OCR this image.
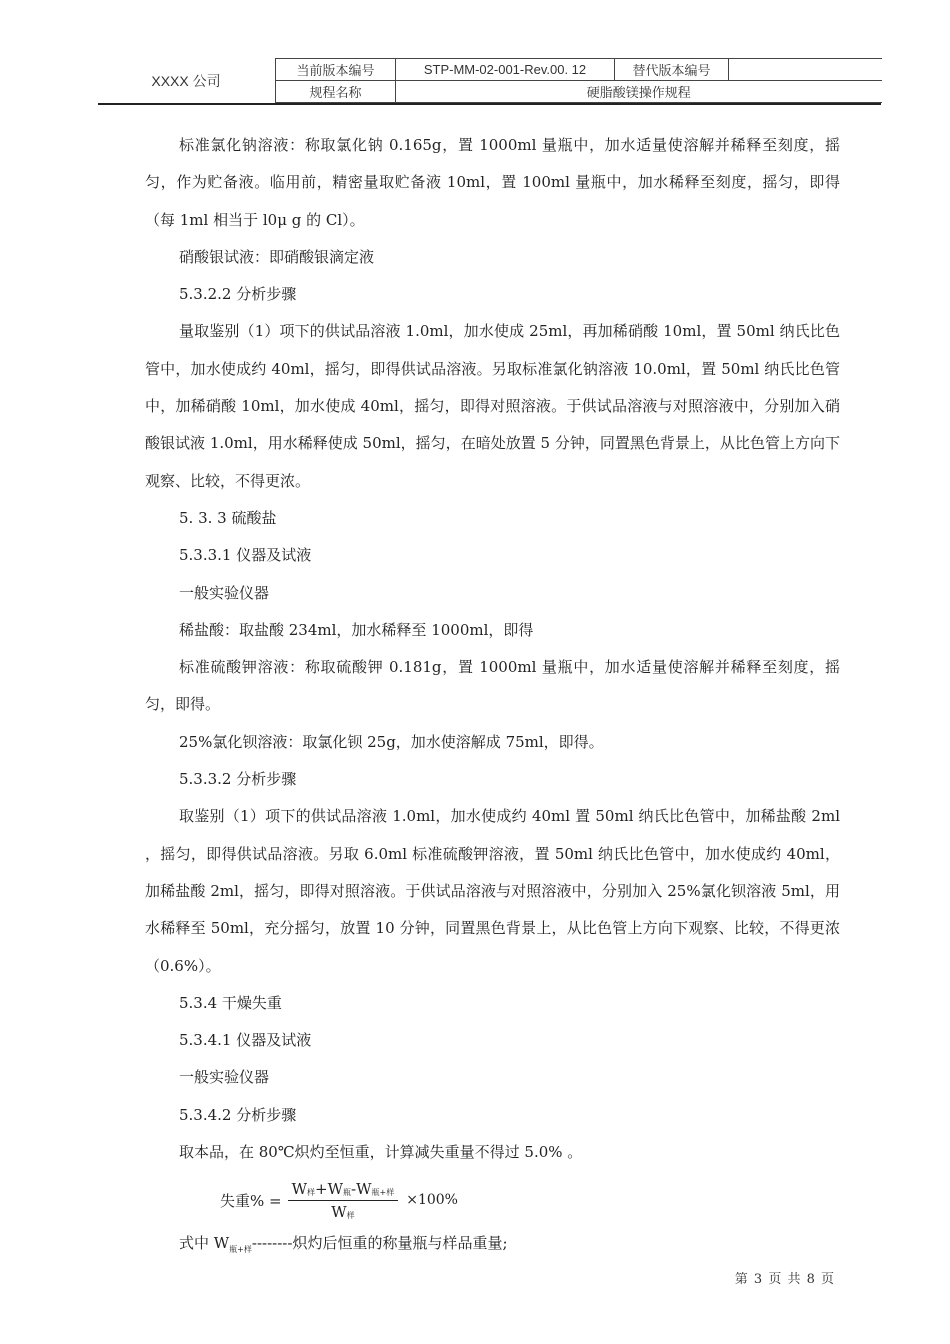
XXXX 公司
当前版本编号	STP-MM-02-001-Rev.00. 12	替代版本编号	
规程名称	硬脂酸镁操作规程		

标准氯化钠溶液：称取氯化钠 0.165g，置 1000ml 量瓶中，加水适量使溶解并稀释至刻度，摇匀，作为贮备液。临用前，精密量取贮备液 10ml，置 100ml 量瓶中，加水稀释至刻度，摇匀，即得（每 1ml 相当于 l0μ g 的 Cl）。

硝酸银试液：即硝酸银滴定液

5.3.2.2 分析步骤

量取鉴别（1）项下的供试品溶液 1.0ml，加水使成 25ml，再加稀硝酸 10ml，置 50ml 纳氏比色管中，加水使成约 40ml，摇匀，即得供试品溶液。另取标准氯化钠溶液 10.0ml，置 50ml 纳氏比色管中，加稀硝酸 10ml，加水使成 40ml，摇匀，即得对照溶液。于供试品溶液与对照溶液中，分别加入硝酸银试液 1.0ml，用水稀释使成 50ml，摇匀，在暗处放置 5 分钟，同置黑色背景上，从比色管上方向下观察、比较，不得更浓。

5. 3. 3 硫酸盐

5.3.3.1 仪器及试液

一般实验仪器

稀盐酸：取盐酸 234ml，加水稀释至 1000ml，即得

标准硫酸钾溶液：称取硫酸钾 0.181g，置 1000ml 量瓶中，加水适量使溶解并稀释至刻度，摇匀，即得。

25%氯化钡溶液：取氯化钡 25g，加水使溶解成 75ml，即得。

5.3.3.2 分析步骤

取鉴别（1）项下的供试品溶液 1.0ml，加水使成约 40ml 置 50ml 纳氏比色管中，加稀盐酸 2ml ，摇匀，即得供试品溶液。另取 6.0ml 标准硫酸钾溶液，置 50ml 纳氏比色管中，加水使成约 40ml，加稀盐酸 2ml，摇匀，即得对照溶液。于供试品溶液与对照溶液中，分别加入 25%氯化钡溶液 5ml，用水稀释至 50ml，充分摇匀，放置 10 分钟，同置黑色背景上，从比色管上方向下观察、比较，不得更浓（0.6%）。

5.3.4 干燥失重

5.3.4.1 仪器及试液

一般实验仪器

5.3.4.2 分析步骤

取本品，在 80℃炽灼至恒重，计算减失重量不得过 5.0% 。

失重% = $\frac{W_样+W_瓶-W_{瓶+样}}{W_样} \times 100\%$
式中 $W_{瓶+样}--------$炽灼后恒重的称量瓶与样品重量;
第 3 页 共 8 页
